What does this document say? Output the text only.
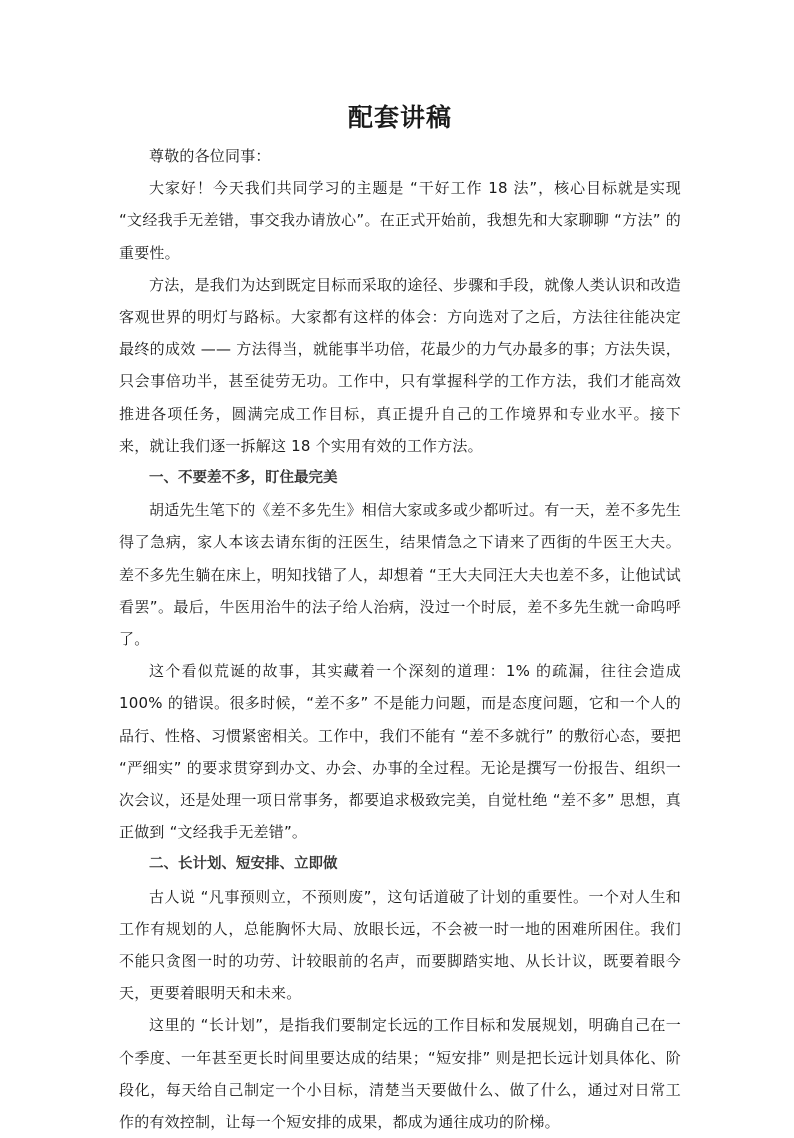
配套讲稿

尊敬的各位同事：

大家好！今天我们共同学习的主题是 “干好工作 18 法”，核心目标就是实现 “文经我手无差错，事交我办请放心”。在正式开始前，我想先和大家聊聊 “方法” 的重要性。

方法，是我们为达到既定目标而采取的途径、步骤和手段，就像人类认识和改造客观世界的明灯与路标。大家都有这样的体会：方向选对了之后，方法往往能决定最终的成效 —— 方法得当，就能事半功倍，花最少的力气办最多的事；方法失误，只会事倍功半，甚至徒劳无功。工作中，只有掌握科学的工作方法，我们才能高效推进各项任务，圆满完成工作目标，真正提升自己的工作境界和专业水平。接下来，就让我们逐一拆解这 18 个实用有效的工作方法。

一、不要差不多，盯住最完美

胡适先生笔下的《差不多先生》相信大家或多或少都听过。有一天，差不多先生得了急病，家人本该去请东街的汪医生，结果情急之下请来了西街的牛医王大夫。差不多先生躺在床上，明知找错了人，却想着 “王大夫同汪大夫也差不多，让他试试看罢”。最后，牛医用治牛的法子给人治病，没过一个时辰，差不多先生就一命呜呼了。

这个看似荒诞的故事，其实藏着一个深刻的道理：1% 的疏漏，往往会造成 100% 的错误。很多时候，“差不多” 不是能力问题，而是态度问题，它和一个人的品行、性格、习惯紧密相关。工作中，我们不能有 “差不多就行” 的敷衍心态，要把 “严细实” 的要求贯穿到办文、办会、办事的全过程。无论是撰写一份报告、组织一次会议，还是处理一项日常事务，都要追求极致完美，自觉杜绝 “差不多” 思想，真正做到 “文经我手无差错”。

二、长计划、短安排、立即做

古人说 “凡事预则立，不预则废”，这句话道破了计划的重要性。一个对人生和工作有规划的人，总能胸怀大局、放眼长远，不会被一时一地的困难所困住。我们不能只贪图一时的功劳、计较眼前的名声，而要脚踏实地、从长计议，既要着眼今天，更要着眼明天和未来。

这里的 “长计划”，是指我们要制定长远的工作目标和发展规划，明确自己在一个季度、一年甚至更长时间里要达成的结果；“短安排” 则是把长远计划具体化、阶段化，每天给自己制定一个小目标，清楚当天要做什么、做了什么，通过对日常工作的有效控制，让每一个短安排的成果，都成为通往成功的阶梯。
